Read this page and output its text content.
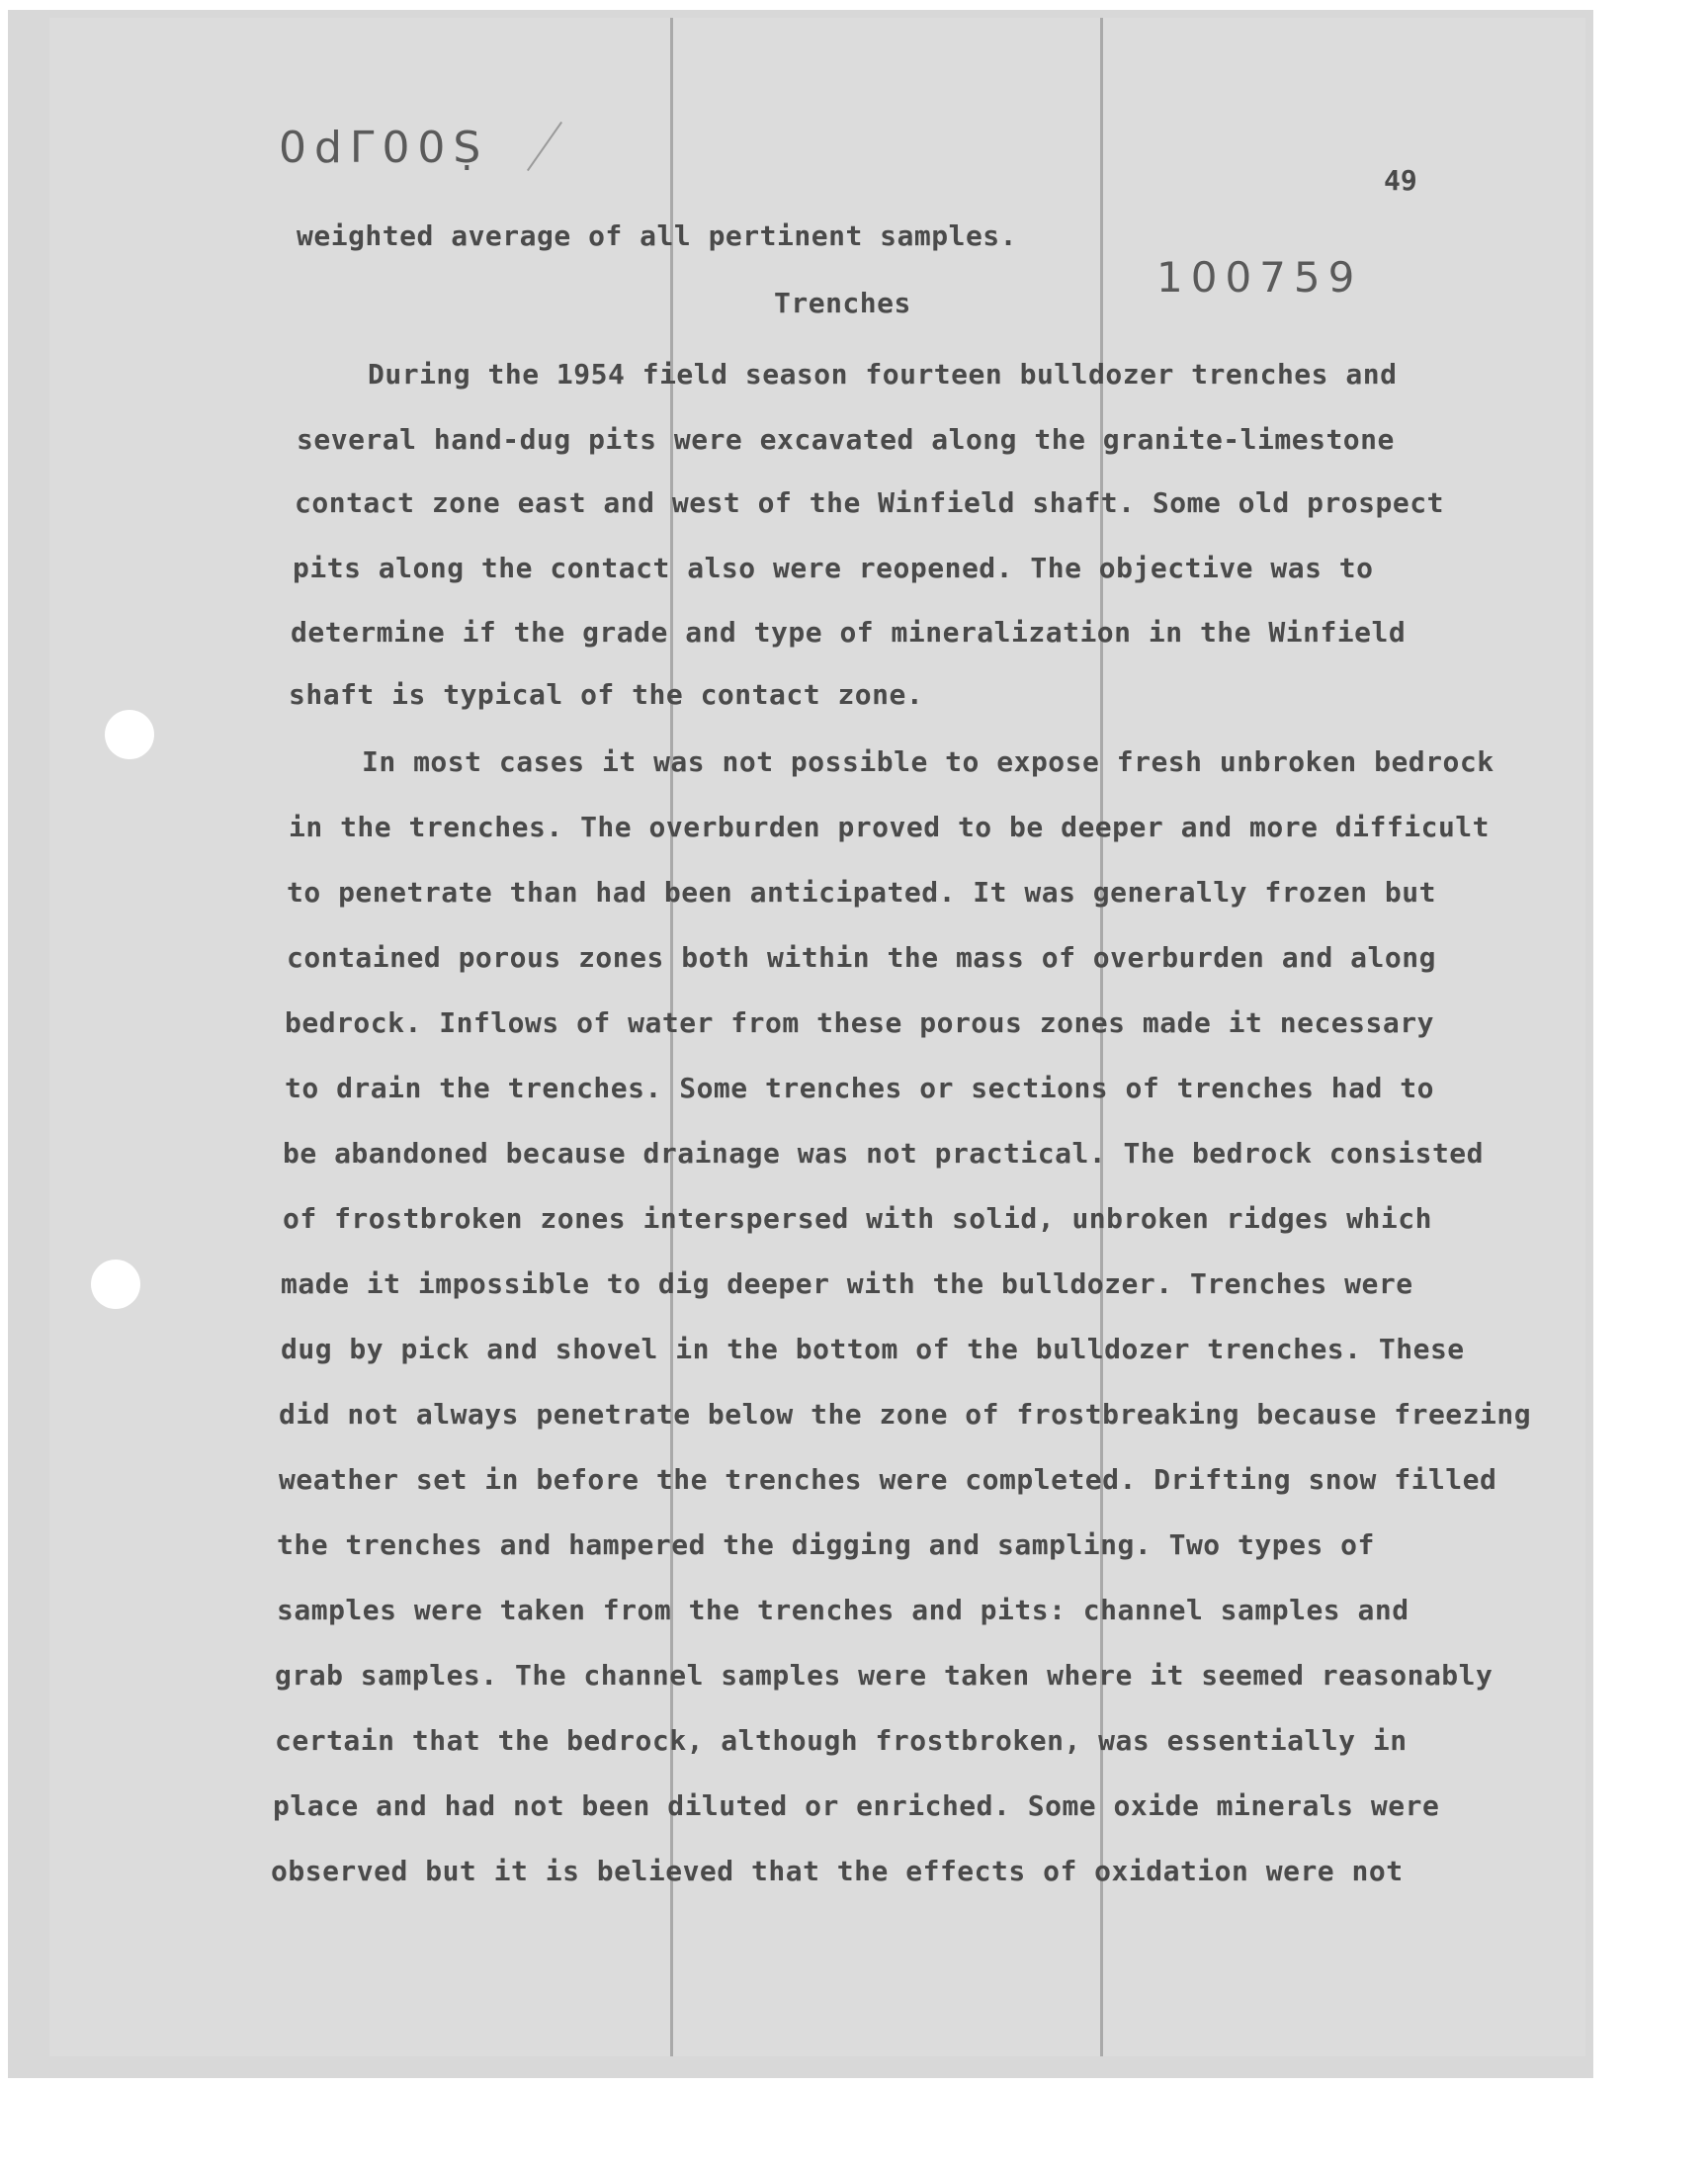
0dΓ00Ṣ
100759
49
weighted average of all pertinent samples.
Trenches
During the 1954 field season fourteen bulldozer trenches and
several hand-dug pits were excavated along the granite-limestone
contact zone east and west of the Winfield shaft. Some old prospect
pits along the contact also were reopened. The objective was to
determine if the grade and type of mineralization in the Winfield
shaft is typical of the contact zone.
In most cases it was not possible to expose fresh unbroken bedrock
in the trenches. The overburden proved to be deeper and more difficult
to penetrate than had been anticipated. It was generally frozen but
contained porous zones both within the mass of overburden and along
bedrock. Inflows of water from these porous zones made it necessary
to drain the trenches. Some trenches or sections of trenches had to
be abandoned because drainage was not practical. The bedrock consisted
of frostbroken zones interspersed with solid, unbroken ridges which
made it impossible to dig deeper with the bulldozer. Trenches were
dug by pick and shovel in the bottom of the bulldozer trenches. These
did not always penetrate below the zone of frostbreaking because freezing
weather set in before the trenches were completed. Drifting snow filled
the trenches and hampered the digging and sampling. Two types of
samples were taken from the trenches and pits: channel samples and
grab samples. The channel samples were taken where it seemed reasonably
certain that the bedrock, although frostbroken, was essentially in
place and had not been diluted or enriched. Some oxide minerals were
observed but it is believed that the effects of oxidation were not
